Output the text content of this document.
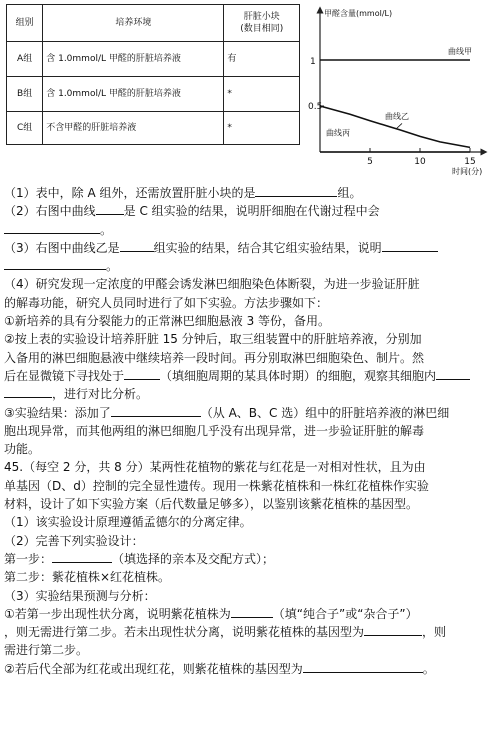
组别	培养环境	肝脏小块
(数目相同)
A组	含 1.0mmol/L 甲醛的肝脏培养液	有
B组	含 1.0mmol/L 甲醛的肝脏培养液	*
C组	不含甲醛的肝脏培养液	*
甲醛含量(mmol/L)
时间(分)
1
0.5
5	10	15
曲线甲
曲线乙
曲线丙
（1）表中，除 A 组外，还需放置肝脏小块的是	组。
（2）右图中曲线 是 C 组实验的结果，说明肝细胞在代谢过程中会
。
（3）右图中曲线乙是	组实验的结果，结合其它组实验结果，说明
。
（4）研究发现一定浓度的甲醛会诱发淋巴细胞染色体断裂，为进一步验证肝脏
的解毒功能，研究人员同时进行了如下实验。方法步骤如下：
①新培养的具有分裂能力的正常淋巴细胞悬液 3 等份，备用。
②按上表的实验设计培养肝脏 15 分钟后，取三组装置中的肝脏培养液，分别加
入备用的淋巴细胞悬液中继续培养一段时间。再分别取淋巴细胞染色、制片。然
后在显微镜下寻找处于	（填细胞周期的某具体时期）的细胞，观察其细胞内
，进行对比分析。
③实验结果：添加了	（从 A、B、C 选）组中的肝脏培养液的淋巴细
胞出现异常，而其他两组的淋巴细胞几乎没有出现异常，进一步验证肝脏的解毒
功能。
45.（每空 2 分，共 8 分）某两性花植物的紫花与红花是一对相对性状，且为由
单基因（D、d）控制的完全显性遗传。现用一株紫花植株和一株红花植株作实验
材料，设计了如下实验方案（后代数量足够多），以鉴别该紫花植株的基因型。
（1）该实验设计原理遵循孟德尔的分离定律。
（2）完善下列实验设计：
第一步：	（填选择的亲本及交配方式）；
第二步：紫花植株×红花植株。
（3）实验结果预测与分析：
①若第一步出现性状分离，说明紫花植株为	（填“纯合子”或“杂合子”）
，则无需进行第二步。若未出现性状分离，说明紫花植株的基因型为	，则
需进行第二步。
②若后代全部为红花或出现红花，则紫花植株的基因型为	。
